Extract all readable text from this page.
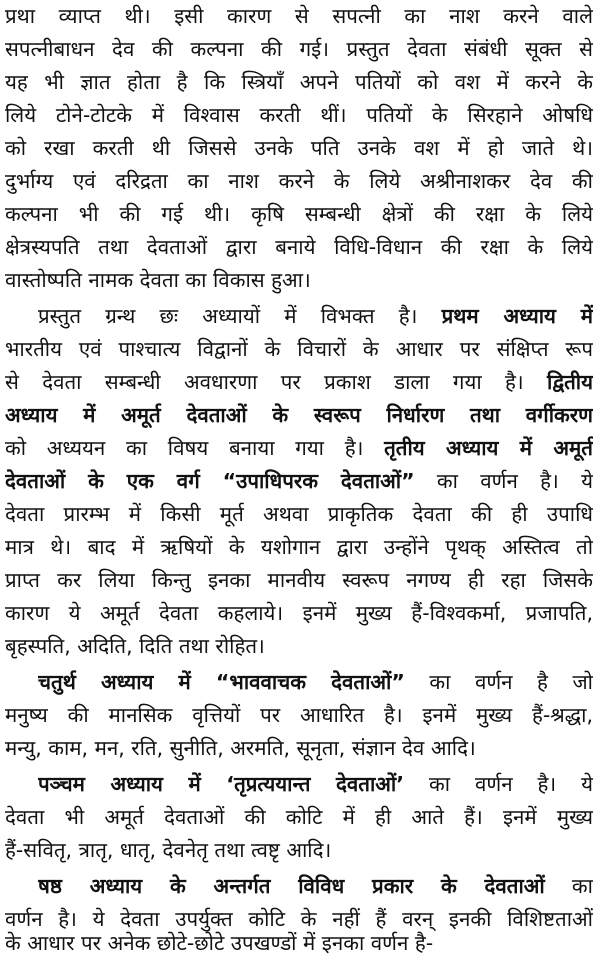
प्रथा व्याप्त थी। इसी कारण से सपत्नी का नाश करने वाले
सपत्नीबाधन देव की कल्पना की गई। प्रस्तुत देवता संबंधी सूक्त से
यह भी ज्ञात होता है कि स्त्रियाँ अपने पतियों को वश में करने के
लिये टोने-टोटके में विश्वास करती थीं। पतियों के सिरहाने ओषधि
को रखा करती थी जिससे उनके पति उनके वश में हो जाते थे।
दुर्भाग्य एवं दरिद्रता का नाश करने के लिये अश्रीनाशकर देव की
कल्पना भी की गई थी। कृषि सम्बन्धी क्षेत्रों की रक्षा के लिये
क्षेत्रस्यपति तथा देवताओं द्वारा बनाये विधि-विधान की रक्षा के लिये
वास्तोष्पति नामक देवता का विकास हुआ।
प्रस्तुत ग्रन्थ छः अध्यायों में विभक्त है। प्रथम अध्याय में
भारतीय एवं पाश्चात्य विद्वानों के विचारों के आधार पर संक्षिप्त रूप
से देवता सम्बन्धी अवधारणा पर प्रकाश डाला गया है। द्वितीय
अध्याय में अमूर्त देवताओं के स्वरूप निर्धारण तथा वर्गीकरण
को अध्ययन का विषय बनाया गया है। तृतीय अध्याय में अमूर्त
देवताओं के एक वर्ग “उपाधिपरक देवताओं” का वर्णन है। ये
देवता प्रारम्भ में किसी मूर्त अथवा प्राकृतिक देवता की ही उपाधि
मात्र थे। बाद में ऋषियों के यशोगान द्वारा उन्होंने पृथक् अस्तित्व तो
प्राप्त कर लिया किन्तु इनका मानवीय स्वरूप नगण्य ही रहा जिसके
कारण ये अमूर्त देवता कहलाये। इनमें मुख्य हैं-विश्वकर्मा, प्रजापति,
बृहस्पति, अदिति, दिति तथा रोहित।
चतुर्थ अध्याय में “भाववाचक देवताओं” का वर्णन है जो
मनुष्य की मानसिक वृत्तियों पर आधारित है। इनमें मुख्य हैं-श्रद्धा,
मन्यु, काम, मन, रति, सुनीति, अरमति, सूनृता, संज्ञान देव आदि।
पञ्चम अध्याय में ‘तृप्रत्ययान्त देवताओं’ का वर्णन है। ये
देवता भी अमूर्त देवताओं की कोटि में ही आते हैं। इनमें मुख्य
हैं-सवितृ, त्रातृ, धातृ, देवनेतृ तथा त्वष्टृ आदि।
षष्ठ अध्याय के अन्तर्गत विविध प्रकार के देवताओं का
वर्णन है। ये देवता उपर्युक्त कोटि के नहीं हैं वरन् इनकी विशिष्टताओं
के आधार पर अनेक छोटे-छोटे उपखण्डों में इनका वर्णन है-
